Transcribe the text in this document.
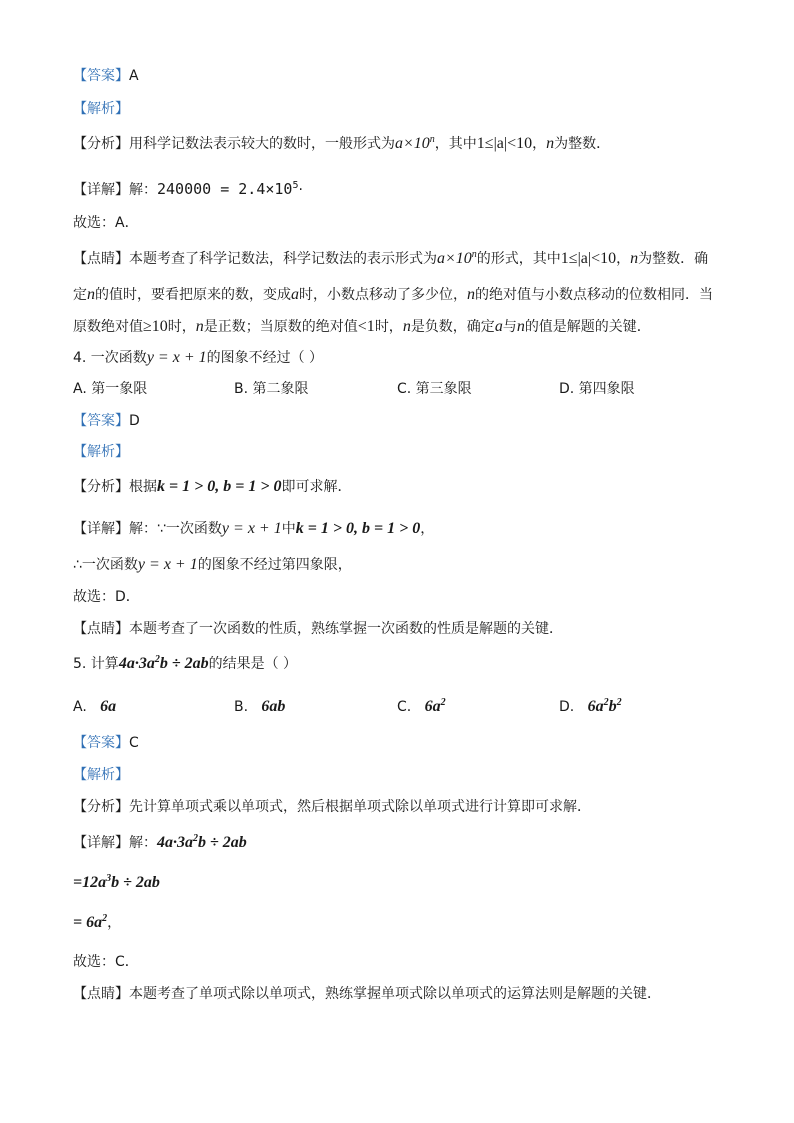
【答案】A
【解析】
【分析】用科学记数法表示较大的数时，一般形式为$a\times 10^n$，其中1≤|a|<10，n为整数．
【详解】解：$240000 = 2.4\times 10^5\cdot$
故选：A．
【点睛】本题考查了科学记数法，科学记数法的表示形式为$a\times 10^n$的形式，其中1≤|a|<10，n为整数．确
定n的值时，要看把原来的数，变成a时，小数点移动了多少位，n的绝对值与小数点移动的位数相同．当
原数绝对值≥10时，n是正数；当原数的绝对值<1时，n是负数，确定a与n的值是解题的关键．
4. 一次函数y = x + 1的图象不经过（ ）
A. 第一象限	B. 第二象限	C. 第三象限	D. 第四象限
【答案】D
【解析】
【分析】根据k = 1 > 0, b = 1 > 0即可求解．
【详解】解：∵一次函数y = x + 1中k = 1 > 0, b = 1 > 0，
∴一次函数y = x + 1的图象不经过第四象限，
故选：D．
【点睛】本题考查了一次函数的性质，熟练掌握一次函数的性质是解题的关键．
5. 计算$4a\cdot 3a^2b \div 2ab$的结果是（ ）
A. 6a	B. 6ab	C. $6a^2$	D. $6a^2b^2$
【答案】C
【解析】
【分析】先计算单项式乘以单项式，然后根据单项式除以单项式进行计算即可求解．
【详解】解：$4a\cdot 3a^2b \div 2ab$
$=12a^3b \div 2ab$
= $6a^2$，
故选：C．
【点睛】本题考查了单项式除以单项式，熟练掌握单项式除以单项式的运算法则是解题的关键．
